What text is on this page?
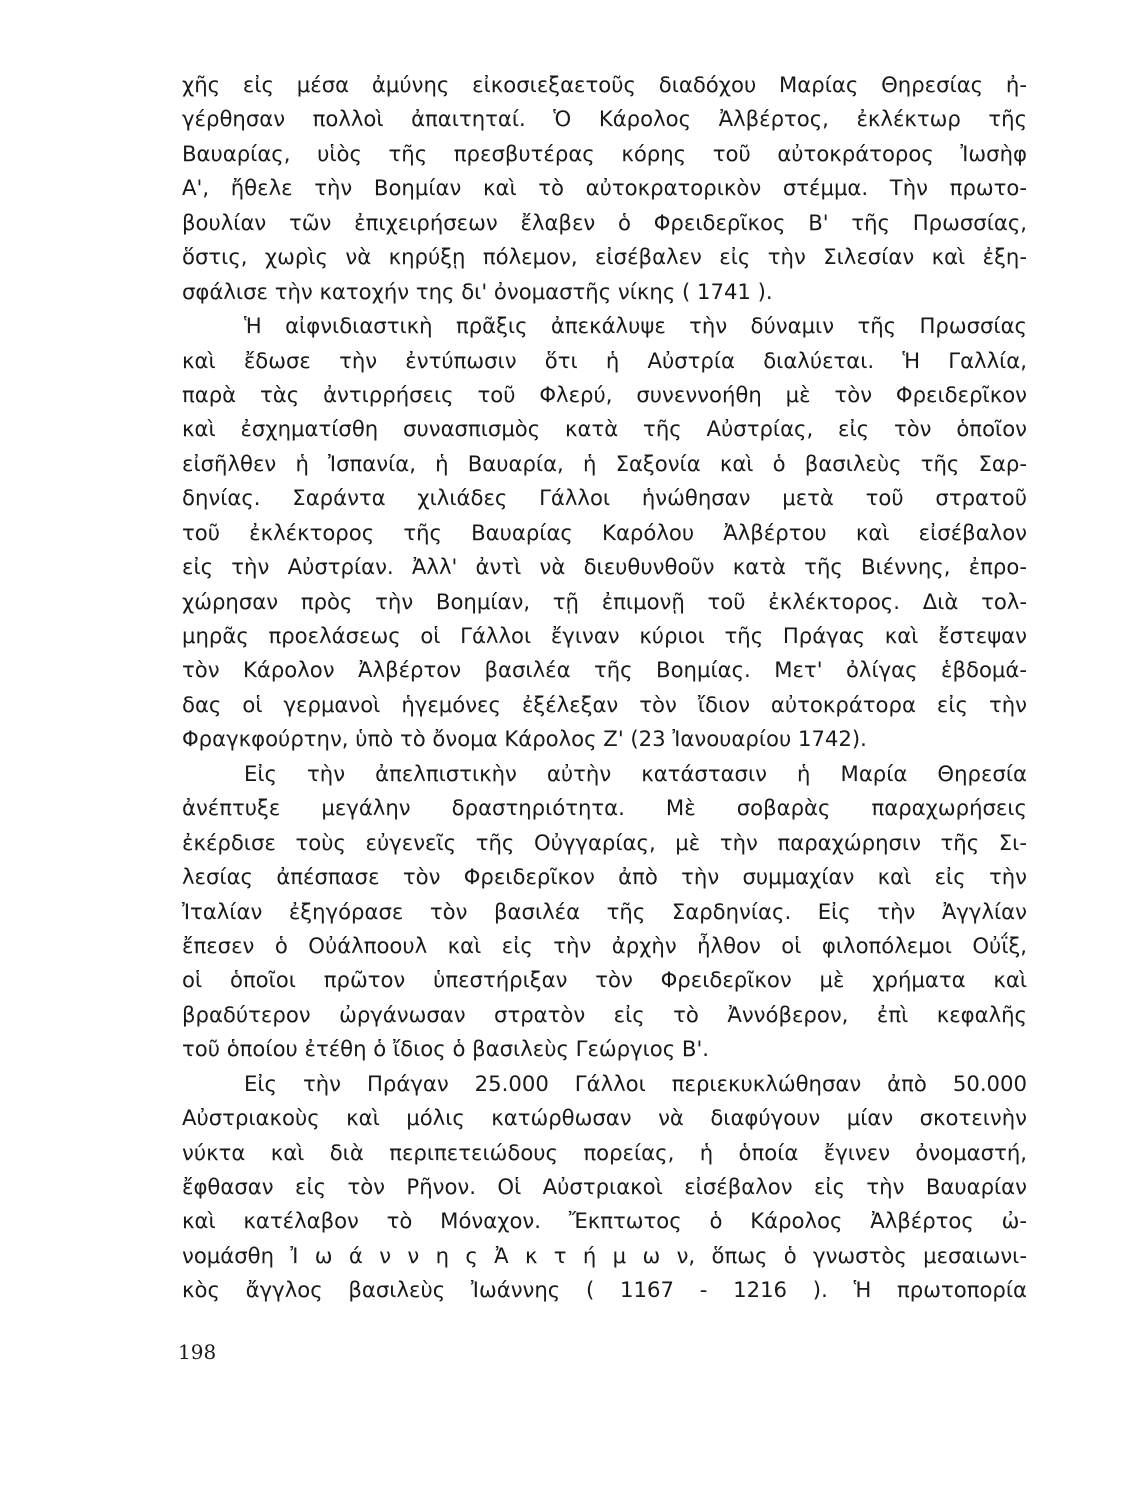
χῆς εἰς μέσα ἀμύνης εἰκοσιεξαετοῦς διαδόχου Μαρίας Θηρεσίας ἠ-
γέρθησαν πολλοὶ ἀπαιτηταί. Ὁ Κάρολος Ἀλβέρτος, ἐκλέκτωρ τῆς
Βαυαρίας, υἱὸς τῆς πρεσβυτέρας κόρης τοῦ αὐτοκράτορος Ἰωσὴφ
Α', ἤθελε τὴν Βοημίαν καὶ τὸ αὐτοκρατορικὸν στέμμα. Τὴν πρωτο-
βουλίαν τῶν ἐπιχειρήσεων ἔλαβεν ὁ Φρειδερῖκος Β' τῆς Πρωσσίας,
ὅστις, χωρὶς νὰ κηρύξῃ πόλεμον, εἰσέβαλεν εἰς τὴν Σιλεσίαν καὶ ἐξη-
σφάλισε τὴν κατοχήν της δι' ὀνομαστῆς νίκης ( 1741 ).
Ἡ αἰφνιδιαστικὴ πρᾶξις ἀπεκάλυψε τὴν δύναμιν τῆς Πρωσσίας
καὶ ἔδωσε τὴν ἐντύπωσιν ὅτι ἡ Αὐστρία διαλύεται. Ἡ Γαλλία,
παρὰ τὰς ἀντιρρήσεις τοῦ Φλερύ, συνεννοήθη μὲ τὸν Φρειδερῖκον
καὶ ἐσχηματίσθη συνασπισμὸς κατὰ τῆς Αὐστρίας, εἰς τὸν ὁποῖον
εἰσῆλθεν ἡ Ἰσπανία, ἡ Βαυαρία, ἡ Σαξονία καὶ ὁ βασιλεὺς τῆς Σαρ-
δηνίας. Σαράντα χιλιάδες Γάλλοι ἡνώθησαν μετὰ τοῦ στρατοῦ
τοῦ ἐκλέκτορος τῆς Βαυαρίας Καρόλου Ἀλβέρτου καὶ εἰσέβαλον
εἰς τὴν Αὐστρίαν. Ἀλλ' ἀντὶ νὰ διευθυνθοῦν κατὰ τῆς Βιέννης, ἐπρο-
χώρησαν πρὸς τὴν Βοημίαν, τῇ ἐπιμονῇ τοῦ ἐκλέκτορος. Διὰ τολ-
μηρᾶς προελάσεως οἱ Γάλλοι ἔγιναν κύριοι τῆς Πράγας καὶ ἔστεψαν
τὸν Κάρολον Ἀλβέρτον βασιλέα τῆς Βοημίας. Μετ' ὀλίγας ἑβδομά-
δας οἱ γερμανοὶ ἡγεμόνες ἐξέλεξαν τὸν ἴδιον αὐτοκράτορα εἰς τὴν
Φραγκφούρτην, ὑπὸ τὸ ὄνομα Κάρολος Ζ' (23 Ἰανουαρίου 1742).
Εἰς τὴν ἀπελπιστικὴν αὐτὴν κατάστασιν ἡ Μαρία Θηρεσία
ἀνέπτυξε μεγάλην δραστηριότητα. Μὲ σοβαρὰς παραχωρήσεις
ἐκέρδισε τοὺς εὐγενεῖς τῆς Οὐγγαρίας, μὲ τὴν παραχώρησιν τῆς Σι-
λεσίας ἀπέσπασε τὸν Φρειδερῖκον ἀπὸ τὴν συμμαχίαν καὶ εἰς τὴν
Ἰταλίαν ἐξηγόρασε τὸν βασιλέα τῆς Σαρδηνίας. Εἰς τὴν Ἀγγλίαν
ἔπεσεν ὁ Οὐάλποουλ καὶ εἰς τὴν ἀρχὴν ἦλθον οἱ φιλοπόλεμοι Οὐΐξ,
οἱ ὁποῖοι πρῶτον ὑπεστήριξαν τὸν Φρειδερῖκον μὲ χρήματα καὶ
βραδύτερον ὠργάνωσαν στρατὸν εἰς τὸ Ἀννόβερον, ἐπὶ κεφαλῆς
τοῦ ὁποίου ἐτέθη ὁ ἴδιος ὁ βασιλεὺς Γεώργιος Β'.
Εἰς τὴν Πράγαν 25.000 Γάλλοι περιεκυκλώθησαν ἀπὸ 50.000
Αὐστριακοὺς καὶ μόλις κατώρθωσαν νὰ διαφύγουν μίαν σκοτεινὴν
νύκτα καὶ διὰ περιπετειώδους πορείας, ἡ ὁποία ἔγινεν ὀνομαστή,
ἔφθασαν εἰς τὸν Ρῆνον. Οἱ Αὐστριακοὶ εἰσέβαλον εἰς τὴν Βαυαρίαν
καὶ κατέλαβον τὸ Μόναχον. Ἔκπτωτος ὁ Κάρολος Ἀλβέρτος ὠ-
νομάσθη Ἰ ω ά ν ν η ς Ἀ κ τ ή μ ω ν, ὅπως ὁ γνωστὸς μεσαιωνι-
κὸς ἄγγλος βασιλεὺς Ἰωάννης ( 1167 - 1216 ). Ἡ πρωτοπορία
198
